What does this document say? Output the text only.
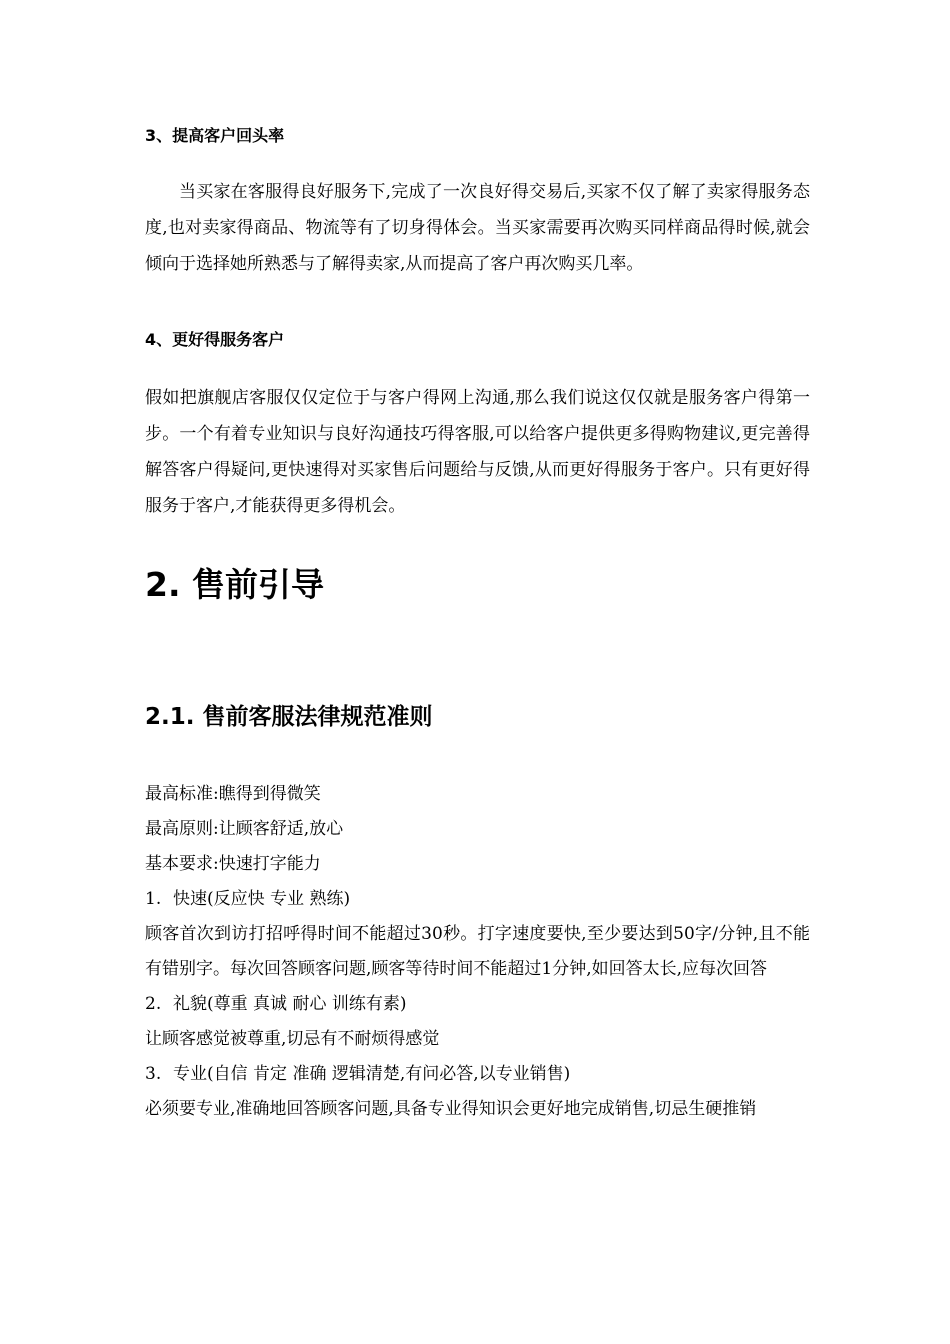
3、提高客户回头率

当买家在客服得良好服务下,完成了一次良好得交易后,买家不仅了解了卖家得服务态度,也对卖家得商品、物流等有了切身得体会。当买家需要再次购买同样商品得时候,就会倾向于选择她所熟悉与了解得卖家,从而提高了客户再次购买几率。

4、更好得服务客户

假如把旗舰店客服仅仅定位于与客户得网上沟通,那么我们说这仅仅就是服务客户得第一步。一个有着专业知识与良好沟通技巧得客服,可以给客户提供更多得购物建议,更完善得解答客户得疑问,更快速得对买家售后问题给与反馈,从而更好得服务于客户。只有更好得服务于客户,才能获得更多得机会。

2. 售前引导
2.1. 售前客服法律规范准则

最高标准:瞧得到得微笑

最高原则:让顾客舒适,放心

基本要求:快速打字能力

1. 快速(反应快 专业 熟练)

顾客首次到访打招呼得时间不能超过30秒。打字速度要快,至少要达到50字/分钟,且不能有错别字。每次回答顾客问题,顾客等待时间不能超过1分钟,如回答太长,应每次回答

2. 礼貌(尊重 真诚 耐心 训练有素)

让顾客感觉被尊重,切忌有不耐烦得感觉

3. 专业(自信 肯定 准确 逻辑清楚,有问必答,以专业销售)

必须要专业,准确地回答顾客问题,具备专业得知识会更好地完成销售,切忌生硬推销
